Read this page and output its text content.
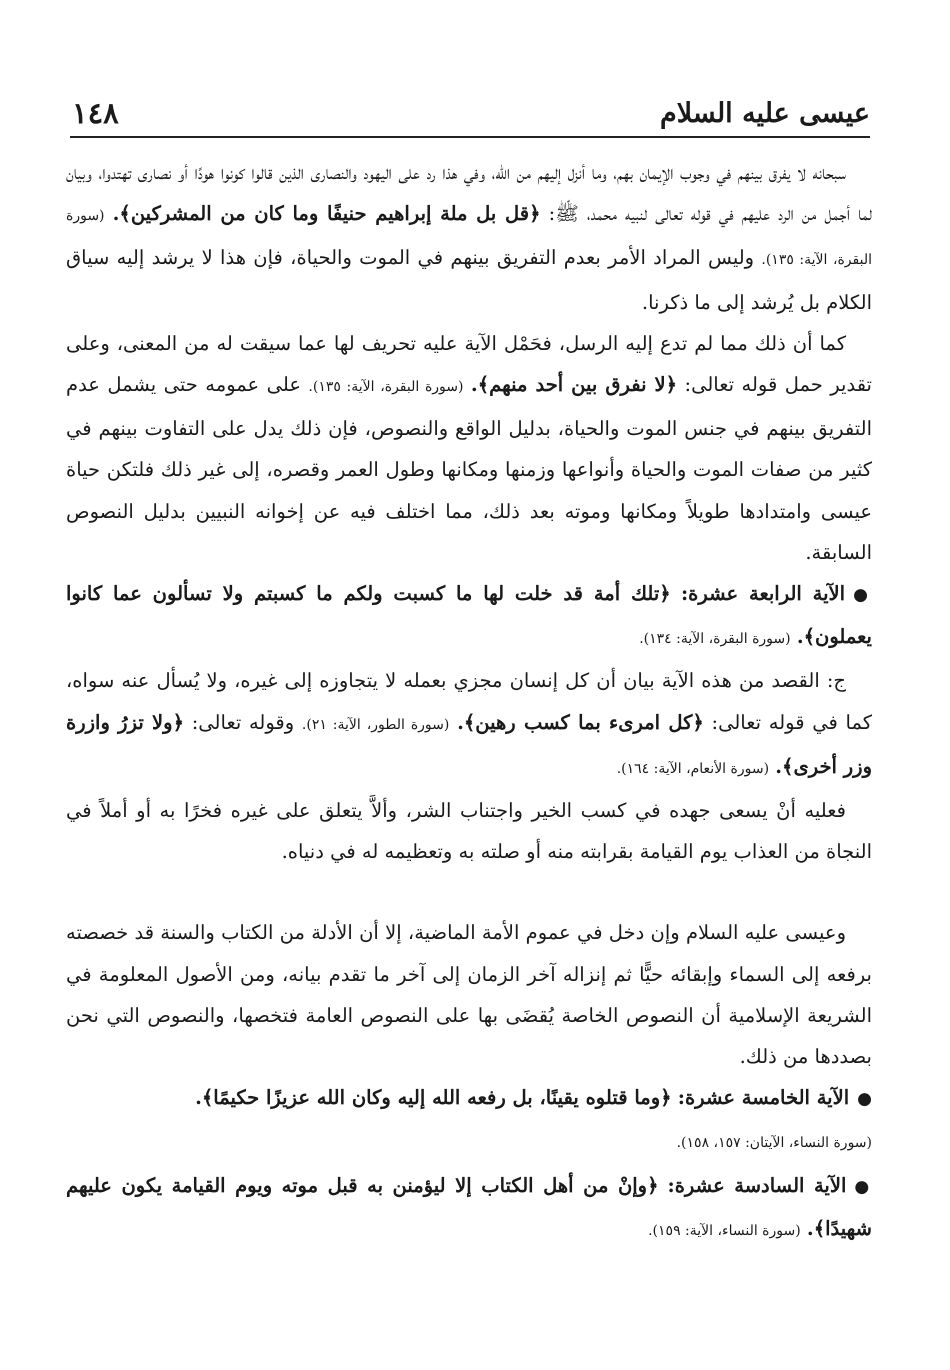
عيسى عليه السلام
١٤٨

سبحانه لا يفرق بينهم في وجوب الإيمان بهم، وما أنزل إليهم من الله، وفي هذا رد على اليهود والنصارى الذين قالوا كونوا هودًا أو نصارى تهتدوا، وبيان لما أجمل من الرد عليهم في قوله تعالى لنبيه محمد، ﷺ: ﴿قل بل ملة إبراهيم حنيفًا وما كان من المشركين﴾. (سورة البقرة، الآية: ١٣٥). وليس المراد الأمر بعدم التفريق بينهم في الموت والحياة، فإن هذا لا يرشد إليه سياق الكلام بل يُرشد إلى ما ذكرنا.

كما أن ذلك مما لم تدع إليه الرسل، فحَمْل الآية عليه تحريف لها عما سيقت له من المعنى، وعلى تقدير حمل قوله تعالى: ﴿لا نفرق بين أحد منهم﴾. (سورة البقرة، الآية: ١٣٥). على عمومه حتى يشمل عدم التفريق بينهم في جنس الموت والحياة، بدليل الواقع والنصوص، فإن ذلك يدل على التفاوت بينهم في كثير من صفات الموت والحياة وأنواعها وزمنها ومكانها وطول العمر وقصره، إلى غير ذلك فلتكن حياة عيسى وامتدادها طويلاً ومكانها وموته بعد ذلك، مما اختلف فيه عن إخوانه النبيين بدليل النصوص السابقة.

●الآية الرابعة عشرة: ﴿تلك أمة قد خلت لها ما كسبت ولكم ما كسبتم ولا تسألون عما كانوا يعملون﴾. (سورة البقرة، الآية: ١٣٤).

ج: القصد من هذه الآية بيان أن كل إنسان مجزي بعمله لا يتجاوزه إلى غيره، ولا يُسأل عنه سواه، كما في قوله تعالى: ﴿كل امرىء بما كسب رهين﴾. (سورة الطور، الآية: ٢١). وقوله تعالى: ﴿ولا تزرُ وازرة وزر أخرى﴾. (سورة الأنعام، الآية: ١٦٤).

فعليه أنْ يسعى جهده في كسب الخير واجتناب الشر، وألاَّ يتعلق على غيره فخرًا به أو أملاً في النجاة من العذاب يوم القيامة بقرابته منه أو صلته به وتعظيمه له في دنياه.

وعيسى عليه السلام وإن دخل في عموم الأمة الماضية، إلا أن الأدلة من الكتاب والسنة قد خصصته برفعه إلى السماء وإبقائه حيًّا ثم إنزاله آخر الزمان إلى آخر ما تقدم بيانه، ومن الأصول المعلومة في الشريعة الإسلامية أن النصوص الخاصة يُقضَى بها على النصوص العامة فتخصها، والنصوص التي نحن بصددها من ذلك.

●الآية الخامسة عشرة: ﴿وما قتلوه يقينًا، بل رفعه الله إليه وكان الله عزيزًا حكيمًا﴾.

(سورة النساء، الآيتان: ١٥٧، ١٥٨).

●الآية السادسة عشرة: ﴿وإنْ من أهل الكتاب إلا ليؤمنن به قبل موته ويوم القيامة يكون عليهم شهيدًا﴾. (سورة النساء، الآية: ١٥٩).
